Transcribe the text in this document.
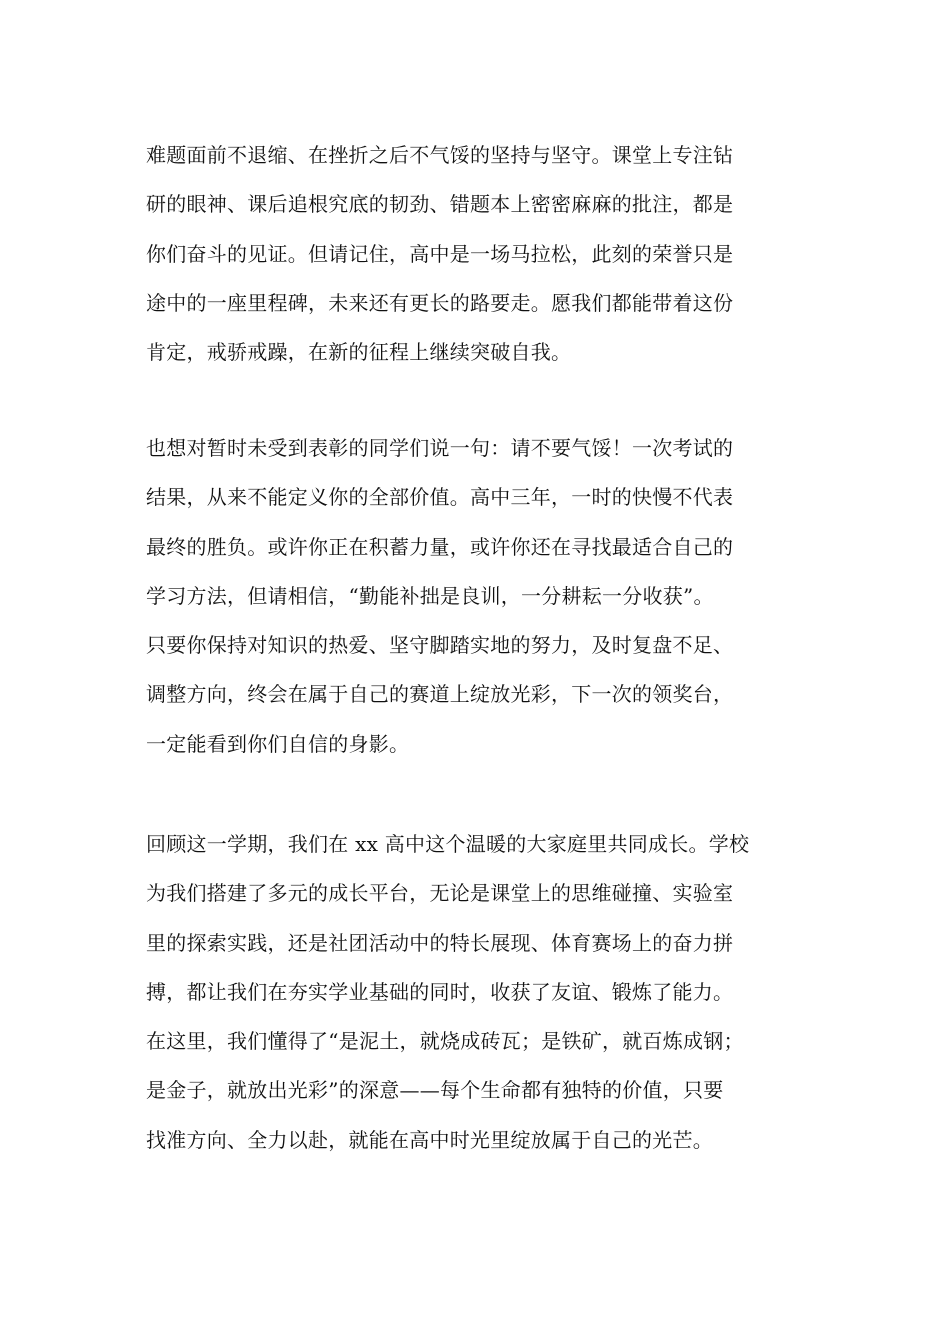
难题面前不退缩、在挫折之后不气馁的坚持与坚守。课堂上专注钻
研的眼神、课后追根究底的韧劲、错题本上密密麻麻的批注，都是
你们奋斗的见证。但请记住，高中是一场马拉松，此刻的荣誉只是
途中的一座里程碑，未来还有更长的路要走。愿我们都能带着这份
肯定，戒骄戒躁，在新的征程上继续突破自我。
也想对暂时未受到表彰的同学们说一句：请不要气馁！一次考试的
结果，从来不能定义你的全部价值。高中三年，一时的快慢不代表
最终的胜负。或许你正在积蓄力量，或许你还在寻找最适合自己的
学习方法，但请相信，“勤能补拙是良训，一分耕耘一分收获”。
只要你保持对知识的热爱、坚守脚踏实地的努力，及时复盘不足、
调整方向，终会在属于自己的赛道上绽放光彩，下一次的领奖台，
一定能看到你们自信的身影。
回顾这一学期，我们在 xx 高中这个温暖的大家庭里共同成长。学校
为我们搭建了多元的成长平台，无论是课堂上的思维碰撞、实验室
里的探索实践，还是社团活动中的特长展现、体育赛场上的奋力拼
搏，都让我们在夯实学业基础的同时，收获了友谊、锻炼了能力。
在这里，我们懂得了“是泥土，就烧成砖瓦；是铁矿，就百炼成钢；
是金子，就放出光彩”的深意——每个生命都有独特的价值，只要
找准方向、全力以赴，就能在高中时光里绽放属于自己的光芒。
